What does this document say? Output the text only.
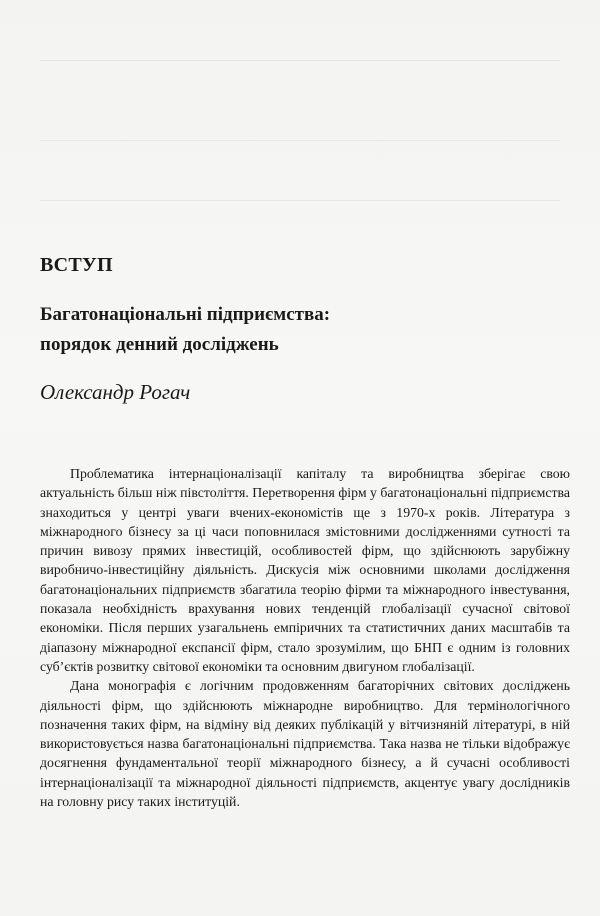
ВСТУП
Багатонаціональні підприємства:
порядок денний досліджень
Олександр Рогач

Проблематика інтернаціоналізації капіталу та виробництва зберігає свою актуальність більш ніж півстоліття. Перетворення фірм у багатонаціональні підприємства знаходиться у центрі уваги вчених-економістів ще з 1970-х років. Література з міжнародного бізнесу за ці часи поповнилася змістовними дослідженнями сутності та причин вивозу прямих інвестицій, особливостей фірм, що здійснюють зарубіжну виробничо-інвестиційну діяльність. Дискусія між основними школами дослідження багатонаціональних підприємств збагатила теорію фірми та міжнародного інвестування, показала необхідність врахування нових тенденцій глобалізації сучасної світової економіки. Після перших узагальнень емпіричних та статистичних даних масштабів та діапазону міжнародної експансії фірм, стало зрозумілим, що БНП є одним із головних суб’єктів розвитку світової економіки та основним двигуном глобалізації.

Дана монографія є логічним продовженням багаторічних світових досліджень діяльності фірм, що здійснюють міжнародне виробництво. Для термінологічного позначення таких фірм, на відміну від деяких публікацій у вітчизняній літературі, в ній використовується назва багатонаціональні підприємства. Така назва не тільки відображує досягнення фундаментальної теорії міжнародного бізнесу, а й сучасні особливості інтернаціоналізації та міжнародної діяльності підприємств, акцентує увагу дослідників на головну рису таких інституцій.
